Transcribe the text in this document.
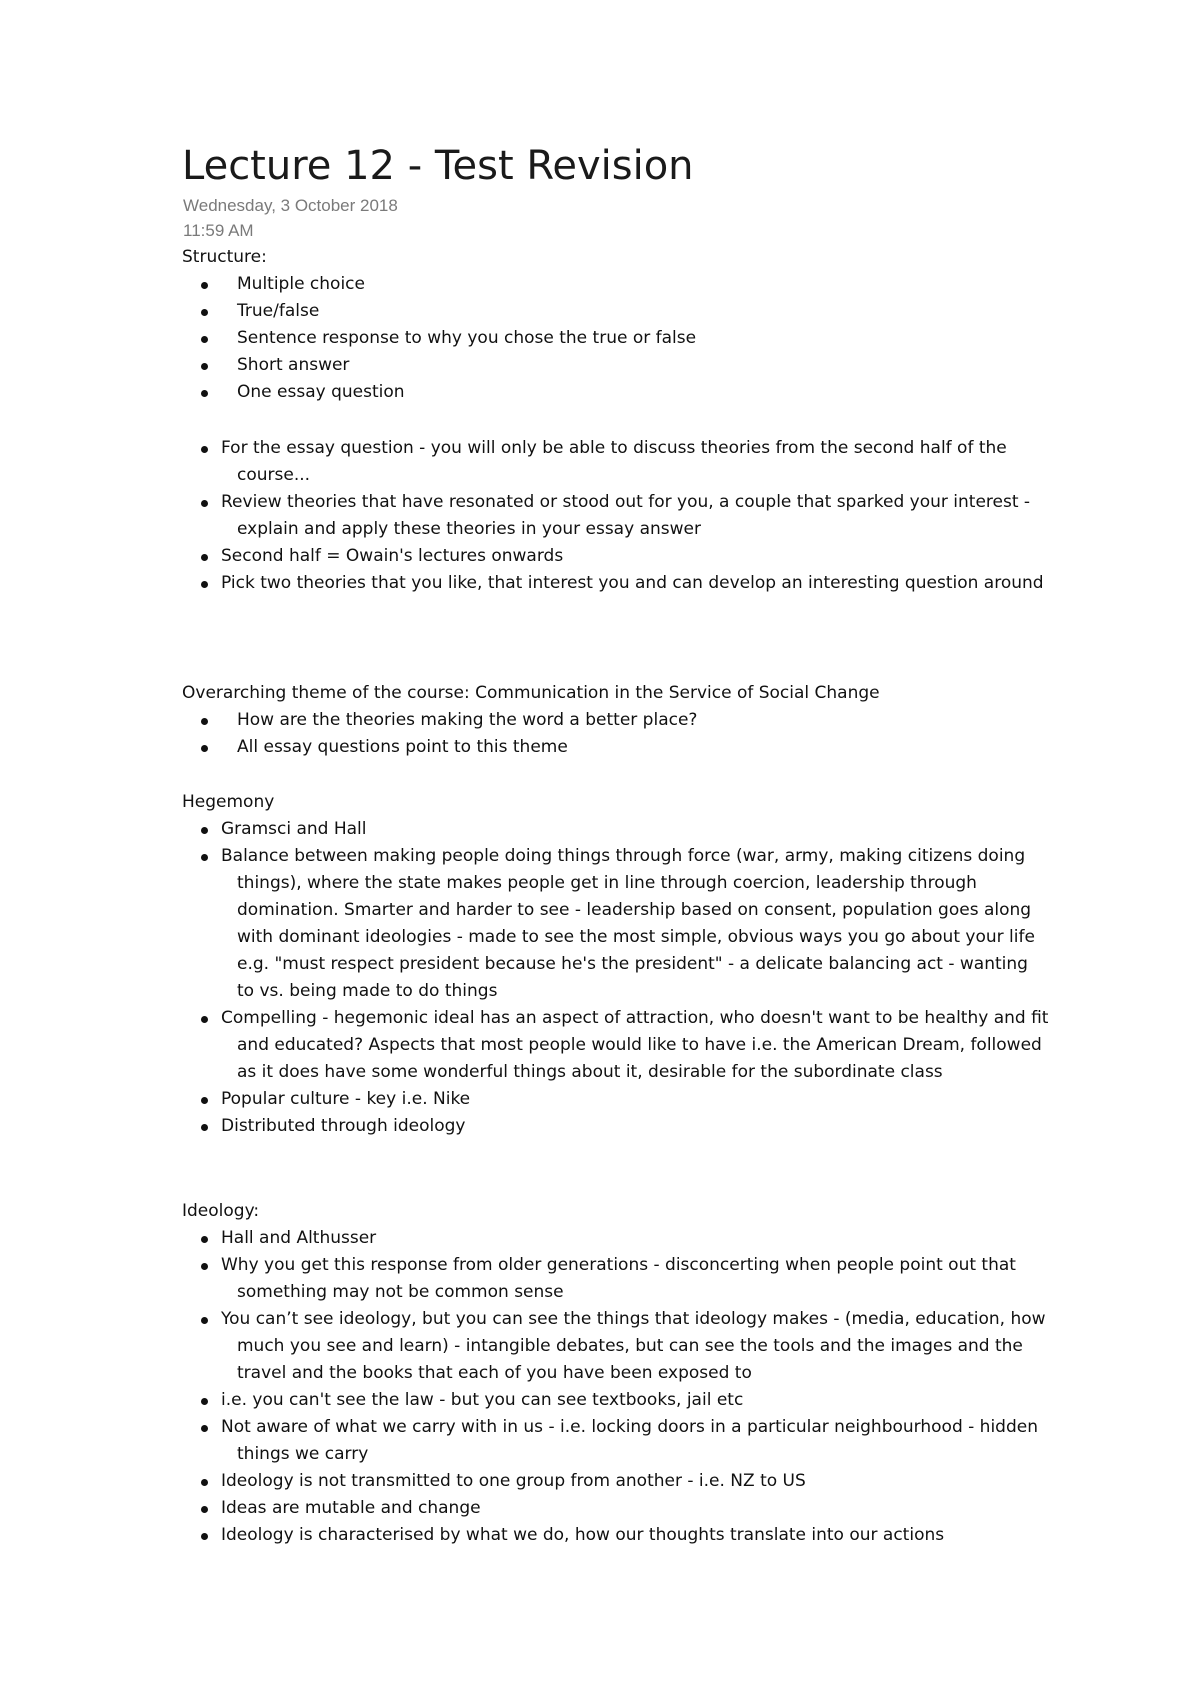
Lecture 12 - Test Revision
Wednesday, 3 October 2018
11:59 AM
Structure:
Multiple choice
True/false
Sentence response to why you chose the true or false
Short answer
One essay question
For the essay question - you will only be able to discuss theories from the second half of the course...
Review theories that have resonated or stood out for you, a couple that sparked your interest - explain and apply these theories in your essay answer
Second half = Owain's lectures onwards
Pick two theories that you like, that interest you and can develop an interesting question around
Overarching theme of the course: Communication in the Service of Social Change
How are the theories making the word a better place?
All essay questions point to this theme
Hegemony
Gramsci and Hall
Balance between making people doing things through force (war, army, making citizens doing things), where the state makes people get in line through coercion, leadership through domination. Smarter and harder to see - leadership based on consent, population goes along with dominant ideologies - made to see the most simple, obvious ways you go about your life e.g. "must respect president because he's the president" - a delicate balancing act - wanting to vs. being made to do things
Compelling - hegemonic ideal has an aspect of attraction, who doesn't want to be healthy and fit and educated? Aspects that most people would like to have i.e. the American Dream, followed as it does have some wonderful things about it, desirable for the subordinate class
Popular culture - key i.e. Nike
Distributed through ideology
Ideology:
Hall and Althusser
Why you get this response from older generations - disconcerting when people point out that something may not be common sense
You can’t see ideology, but you can see the things that ideology makes - (media, education, how much you see and learn) - intangible debates, but can see the tools and the images and the travel and the books that each of you have been exposed to
i.e. you can't see the law - but you can see textbooks, jail etc
Not aware of what we carry with in us - i.e. locking doors in a particular neighbourhood - hidden things we carry
Ideology is not transmitted to one group from another - i.e. NZ to US
Ideas are mutable and change
Ideology is characterised by what we do, how our thoughts translate into our actions
